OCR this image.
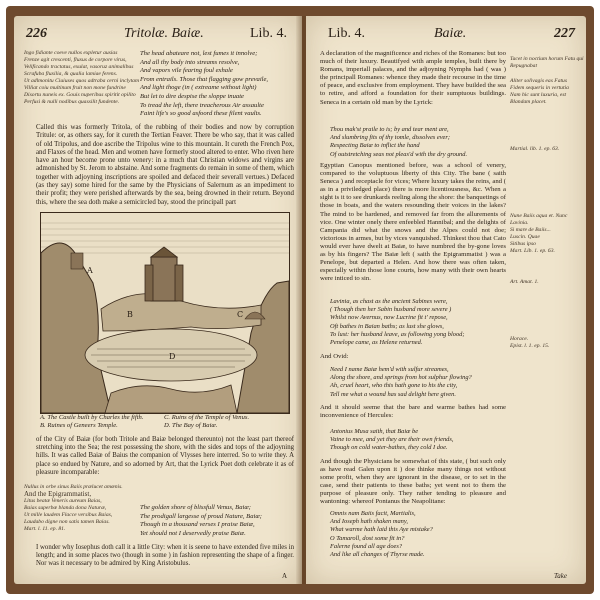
226	Tritolæ. Baiæ.	Lib. 4.
Ingo fidiante coeve nullos expletur ausias
Frenze agit crescenti, fluxus de corpore virus,
Velificando tractatus, exulat, vasoruz animalibus
Scrafuba fluxilia, & qualia lamiae ferens.
Ut adlmonitu Ciuiuses quos adtraba cerni inclytam
Villiat coiu multinum fruit non mone fundrine
Disortu nuneis ex. Gouis nuperibus spiritit opilito
Perfusi & nulli nodibus quassilit fundente.
The head abateare not, lest fumes it innolve;
And all thy body into streams resolve,
And vapors vile fearing foul exhale
From entrails. Those that flagging gow prevaile,
And light thoge (in ( extreame without light)
But let to dire despise the sloppe inuate
To tread the left, there treacherous Air assaulte
Faint life's so good asfoord these filent vaults.

Called this was formerly Tritola, of the rubbing of their bodies and now by corruption Tritule: or, as others say, for it cureth the Tertian Feaver. There be who say, that it was called of old Tripolus, and doe ascribe the Tripolus wine to this mountain. It cureth the French Pox, and Flaxes of the head. Men and women have formerly stood altered to enter. Who riven here have an hour become prone unto venery: in a much that Christian widows and virgins are admonished by St. Jerom to abstaine. And some fragments do remain in some of them, which together with adjoyning inscriptions are spoiled and defaced their severall vertues.) Defaced (as they say) some hired for the same by the Physicians of Salernum as an impediment to their profit; they were perished afterwards by the sea, being drowned in their return. Beyond this, where the sea doth make a semicircled bay, stood the principall part

A
B	C
D
A. The Castle built by Charles the fifth.
B. Ruines of Geneers Temple.
C. Ruins of the Temple of Venus.
D. The Bay of Baiæ.

of the City of Baiæ (for both Tritole and Baiæ belonged thereunto) not the least part thereof stretching into the Sea; the rest possessing the shore, with the sides and tops of the adjoyning hills. It was called Baiæ of Baius the companion of Vlysses here interred. So to write they. A place so endued by Nature, and so adorned by Art, that the Lyrick Poet doth celebrate it as of pleasure incomparable:

Nullus in orbe sinus Baiis prælucet amœnis.
And the Epigrammatist,
Litus beatæ Veneris aureum Baias,
Baias superbæ blanda dona Naturæ,
Ut mille laudem Flacce versibus Baias,
Laudabo digne non satis tamen Baias.
Mart. l. 11. ep. 81.
The golden shore of blissfull Venus, Baiæ;
The prodigall largesse of proud Nature, Baiæ;
Though in a thousand verses I praise Baiæ,
Yet should not I deservedly praise Baiæ.

I wonder why Iosephus doth call it a little City: when it is seene to have extended five miles in length; and in some places two (though in some ) in fashion representing the shape of a finger. Nor was it necessary to be admired by King Aristobulus.

A
Lib. 4.	Baiæ.	227

A declaration of the magnificence and riches of the Romanes: but too much of their luxury. Beautifyed with ample temples, built there by Romans, imperiall palaces, and the adjoyning Nymphs had ( was ) the principall Romanes: whence they made their recourse in the time of peace, and exclusive from employment. They have builded the sea to retire, and afford a foundation for their sumptuous buildings. Seneca in a certain old man by the Lyrick:

Thou mak'st praile to is; by and tear ment are,
And slumbring fits of thy tomle, dissolves ever;
Respecting Baiæ to inflict the hand
Of outstretching seas not pleas'd with the dry ground.

Egyptian Canopus mentioned before, was a school of venery, compared to the voluptuous liberty of this City. The bane ( saith Seneca ) and receptacle for vices; Where luxury takes the reins, and ( as in a priviledged place) there is more licentiousness, &c. When a sight is it to see drunkards reeling along the shore: the banquetings of those in boats, and the waters resounding their voices in the lakes? The mind to be hardened, and removed far from the allurements of vice. One winter onely there enfeebled Hannibal; and the delights of Campania did what the snows and the Alpes could not doe; victorious in armes, but by vices vanquished. Thinkest thou that Cato would ever have dwelt at Baiæ, to have numbred the by-gone loves as by his fingers? The Baiæ left ( saith the Epigrammatist ) was a Penelope, but departed a Helen. And how there was often taken, especially within those lone courts, how many with their own hearts were inticed to sin.

Lavinia, as chast as the ancient Sabines were,
( Though then her Sabin husband more severe )
Whilst now Avernus, now Lucrine fit t' repose,
Oft bathes in Baian baths; as lust she glows,
To lust: her husband leave, as following yong blood;
Penelope came, as Helene returned.
And Ovid:
Need I name Baiæ hem'd with sulfur streames,
Along the shore, and springs from hot sulphur flowing?
Ah, cruel heart, who this hath gone to his the city,
Tell me what a wound has sad delight here given.

And it should seeme that the bare and warme bathes had some inconvenience of Hercules:

Antonius Musa saith, that Baiæ be
Vaine to mee, and yet they are their own friends,
Though on cold water-bathes, they cold I doe.

And though the Physicians be somewhat of this state, ( but such only as have read Galen upon it ) doe thinke many things not without some profit, when they are ignorant in the disease, or to set in the case, send their patients to these baths; yet went not to them the purpose of pleasure only. They rather tending to pleasure and wantoning: whereof Pontanus the Neapolitane:

Omnis nam Baiis facit, Martialis,
And Ioseph hath shaken many,
What warme hath laid this Aye mistake?
O Tamaroll, dost some fit in?
Falerne found all age does?
And like all changes of Thyrse made.
Tacet in noctium horum Fatu qui
Repugnabat
Aliter solivagis eas Fatus
Fidem sequeris in vertutia
Nam hic sunt luxuria, est
Blandam placet.
Martial. lib. 1. ep. 63.
Nune Baiis aqua et. Nunc
Lavinia.
Si mare de Baiis...
Luscin. Quae
Sitibus ipso
Mart. Lib. 1. ep. 63.
Art. Amat. 1.
Horace.
Epist. l. 1. ep. 15.
Take
